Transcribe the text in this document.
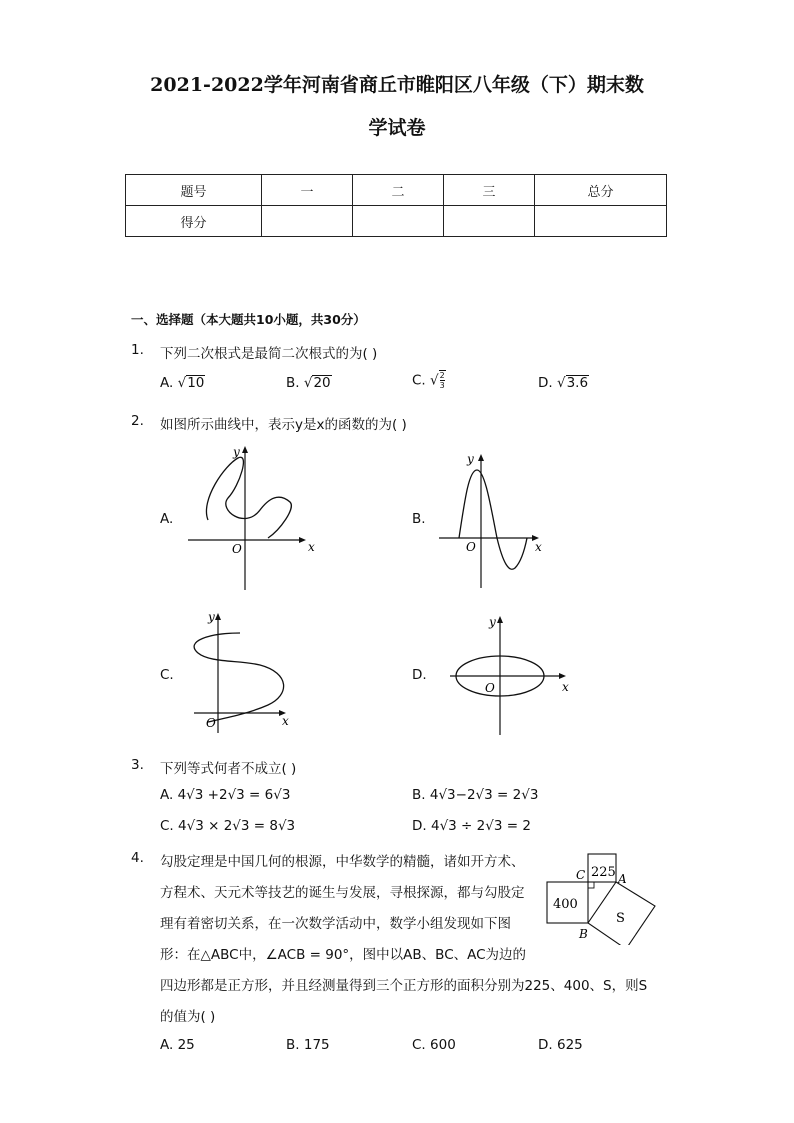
2021-2022学年河南省商丘市睢阳区八年级（下）期末数
学试卷
题号	一	二	三	总分
得分				
一、选择题（本大题共10小题，共30分）
1. 下列二次根式是最简二次根式的为( )
A. √10	B. √20	C. √ $\frac{2}{3}$	D. √3.6
2. 如图所示曲线中，表示y是x的函数的为( )
A.
x
y
O
B.
x
y
O
C.
x
y
O
D.
x
y
O
3. 下列等式何者不成立( )
A. 4√3 +2√3 = 6√3	B. 4√3−2√3 = 2√3
C. 4√3 × 2√3 = 8√3	D. 4√3 ÷ 2√3 = 2
4. 勾股定理是中国几何的根源，中华数学的精髓，诸如开方术、
方程术、天元术等技艺的诞生与发展，寻根探源，都与勾股定
理有着密切关系，在一次数学活动中，数学小组发现如下图
形：在△ABC中，∠ACB = 90°，图中以AB、BC、AC为边的
四边形都是正方形，并且经测量得到三个正方形的面积分别为225、400、S，则S
的值为( )
225
400
S
C	A
B
A. 25	B. 175	C. 600	D. 625
